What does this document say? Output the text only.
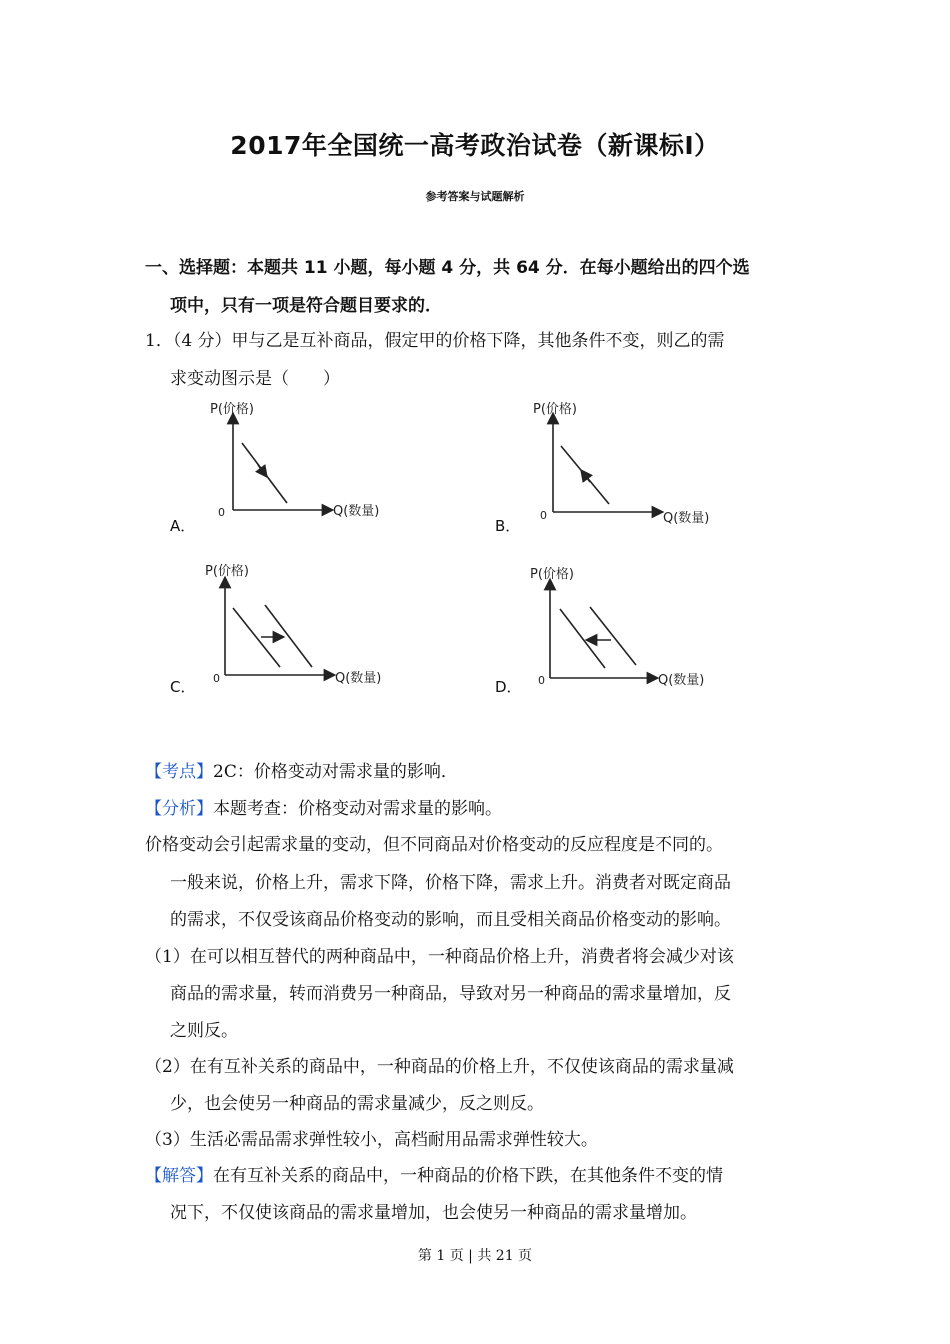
2017年全国统一高考政治试卷（新课标Ⅰ）
参考答案与试题解析
一、选择题：本题共 11 小题，每小题 4 分，共 64 分．在每小题给出的四个选
项中，只有一项是符合题目要求的．
1．（4 分）甲与乙是互补商品，假定甲的价格下降，其他条件不变，则乙的需
求变动图示是（　　）
P(价格)
Q(数量)
0
P(价格)
Q(数量)
0
P(价格)
Q(数量)
0
P(价格)
Q(数量)
0
A．	B．
C．	D．
【考点】2C：价格变动对需求量的影响．
【分析】本题考查：价格变动对需求量的影响。
价格变动会引起需求量的变动，但不同商品对价格变动的反应程度是不同的。
一般来说，价格上升，需求下降，价格下降，需求上升。消费者对既定商品
的需求，不仅受该商品价格变动的影响，而且受相关商品价格变动的影响。
（1）在可以相互替代的两种商品中，一种商品价格上升，消费者将会减少对该
商品的需求量，转而消费另一种商品，导致对另一种商品的需求量增加，反
之则反。
（2）在有互补关系的商品中，一种商品的价格上升，不仅使该商品的需求量减
少，也会使另一种商品的需求量减少，反之则反。
（3）生活必需品需求弹性较小，高档耐用品需求弹性较大。
【解答】在有互补关系的商品中，一种商品的价格下跌，在其他条件不变的情
况下，不仅使该商品的需求量增加，也会使另一种商品的需求量增加。
第 1 页 | 共 21 页
